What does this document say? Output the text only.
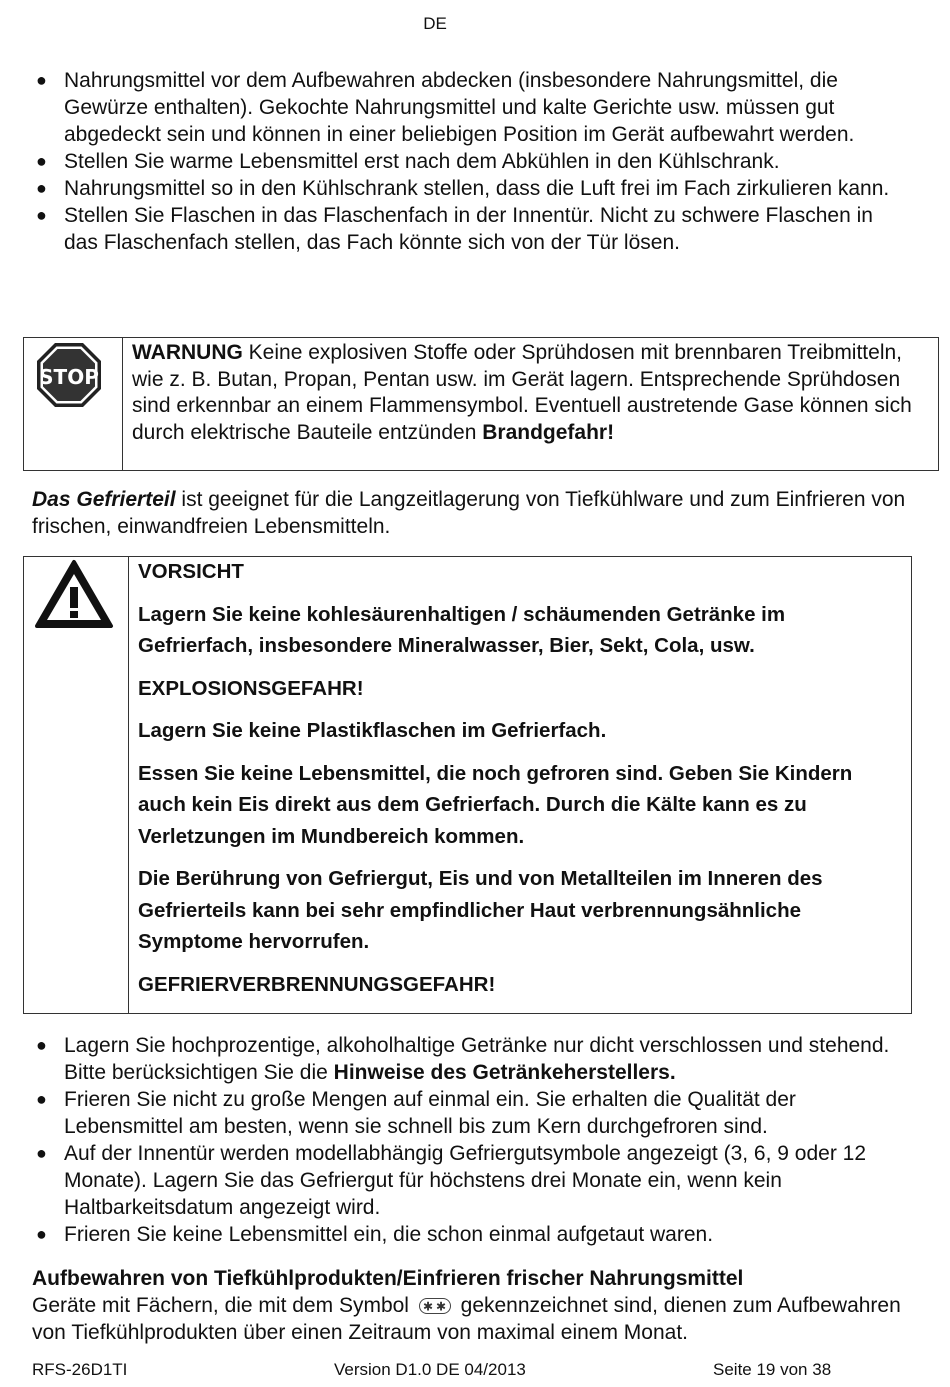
DE
● Nahrungsmittel vor dem Aufbewahren abdecken (insbesondere Nahrungsmittel, die Gewürze enthalten). Gekochte Nahrungsmittel und kalte Gerichte usw. müssen gut abgedeckt sein und können in einer beliebigen Position im Gerät aufbewahrt werden.
● Stellen Sie warme Lebensmittel erst nach dem Abkühlen in den Kühlschrank.
● Nahrungsmittel so in den Kühlschrank stellen, dass die Luft frei im Fach zirkulieren kann.
● Stellen Sie Flaschen in das Flaschenfach in der Innentür. Nicht zu schwere Flaschen in das Flaschenfach stellen, das Fach könnte sich von der Tür lösen.
STOP
WARNUNG Keine explosiven Stoffe oder Sprühdosen mit brennbaren Treibmitteln, wie z. B. Butan, Propan, Pentan usw. im Gerät lagern. Entsprechende Sprühdosen sind erkennbar an einem Flammensymbol. Eventuell austretende Gase können sich durch elektrische Bauteile entzünden Brandgefahr!
Das Gefrierteil ist geeignet für die Langzeitlagerung von Tiefkühlware und zum Einfrieren von frischen, einwandfreien Lebensmitteln.

VORSICHT

Lagern Sie keine kohlesäurenhaltigen / schäumenden Getränke im Gefrierfach, insbesondere Mineralwasser, Bier, Sekt, Cola, usw.

EXPLOSIONSGEFAHR!

Lagern Sie keine Plastikflaschen im Gefrierfach.

Essen Sie keine Lebensmittel, die noch gefroren sind. Geben Sie Kindern auch kein Eis direkt aus dem Gefrierfach. Durch die Kälte kann es zu Verletzungen im Mundbereich kommen.

Die Berührung von Gefriergut, Eis und von Metallteilen im Inneren des Gefrierteils kann bei sehr empfindlicher Haut verbrennungsähnliche Symptome hervorrufen.

GEFRIERVERBRENNUNGSGEFAHR!

● Lagern Sie hochprozentige, alkoholhaltige Getränke nur dicht verschlossen und stehend. Bitte berücksichtigen Sie die Hinweise des Getränkeherstellers.
● Frieren Sie nicht zu große Mengen auf einmal ein. Sie erhalten die Qualität der Lebensmittel am besten, wenn sie schnell bis zum Kern durchgefroren sind.
● Auf der Innentür werden modellabhängig Gefriergutsymbole angezeigt (3, 6, 9 oder 12 Monate). Lagern Sie das Gefriergut für höchstens drei Monate ein, wenn kein Haltbarkeitsdatum angezeigt wird.
● Frieren Sie keine Lebensmittel ein, die schon einmal aufgetaut waren.
Aufbewahren von Tiefkühlprodukten/Einfrieren frischer Nahrungsmittel
Geräte mit Fächern, die mit dem Symbol ✱ ✱ gekennzeichnet sind, dienen zum Aufbewahren von Tiefkühlprodukten über einen Zeitraum von maximal einem Monat.
RFS-26D1TI	Version D1.0 DE 04/2013	Seite 19 von 38
